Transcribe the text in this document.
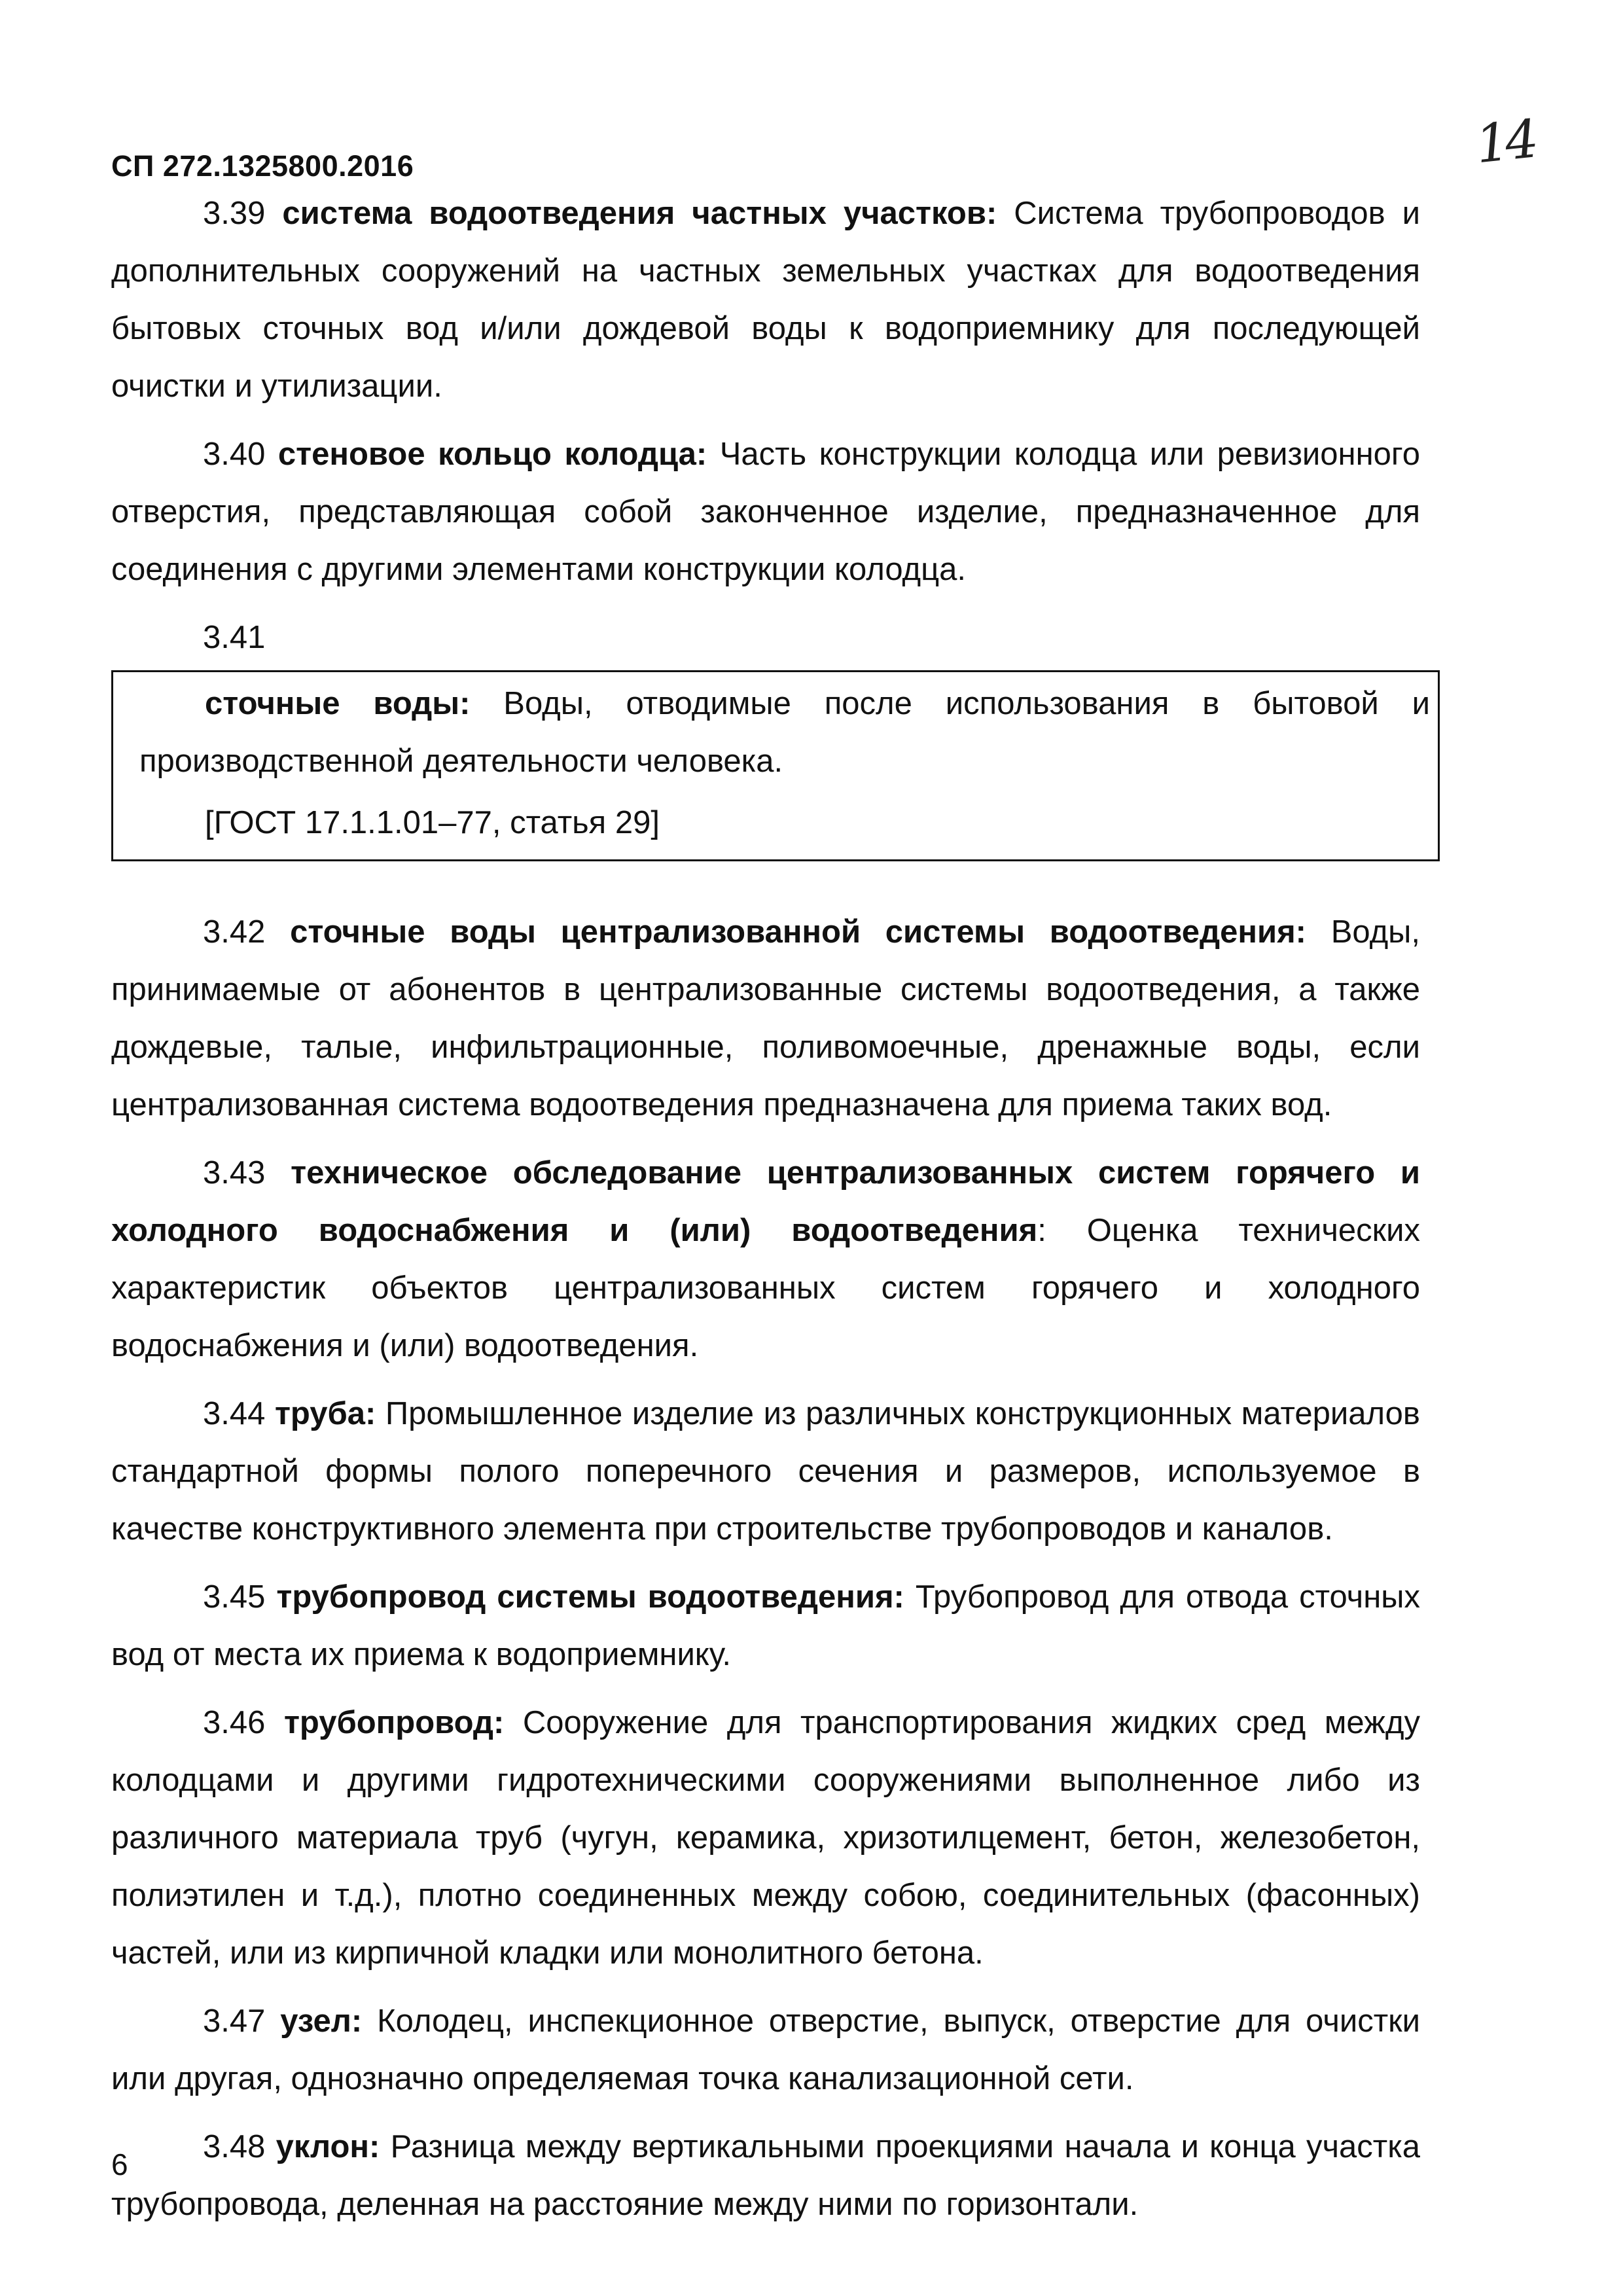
СП 272.1325800.2016	14

3.39 система водоотведения частных участков: Система трубопроводов и дополнительных сооружений на частных земельных участках для водоотведения бытовых сточных вод и/или дождевой воды к водоприемнику для последующей очистки и утилизации.

3.40 стеновое кольцо колодца: Часть конструкции колодца или ревизионного отверстия, представляющая собой законченное изделие, предназначенное для соединения с другими элементами конструкции колодца.

3.41

сточные воды: Воды, отводимые после использования в бытовой и производственной деятельности человека.

[ГОСТ 17.1.1.01–77, статья 29]

3.42 сточные воды централизованной системы водоотведения: Воды, принимаемые от абонентов в централизованные системы водоотведения, а также дождевые, талые, инфильтрационные, поливомоечные, дренажные воды, если централизованная система водоотведения предназначена для приема таких вод.

3.43 техническое обследование централизованных систем горячего и холодного водоснабжения и (или) водоотведения: Оценка технических характеристик объектов централизованных систем горячего и холодного водоснабжения и (или) водоотведения.

3.44 труба: Промышленное изделие из различных конструкционных материалов стандартной формы полого поперечного сечения и размеров, используемое в качестве конструктивного элемента при строительстве трубопроводов и каналов.

3.45 трубопровод системы водоотведения: Трубопровод для отвода сточных вод от места их приема к водоприемнику.

3.46 трубопровод: Сооружение для транспортирования жидких сред между колодцами и другими гидротехническими сооружениями выполненное либо из различного материала труб (чугун, керамика, хризотилцемент, бетон, железобетон, полиэтилен и т.д.), плотно соединенных между собою, соединительных (фасонных) частей, или из кирпичной кладки или монолитного бетона.

3.47 узел: Колодец, инспекционное отверстие, выпуск, отверстие для очистки или другая, однозначно определяемая точка канализационной сети.

3.48 уклон: Разница между вертикальными проекциями начала и конца участка трубопровода, деленная на расстояние между ними по горизонтали.

6
